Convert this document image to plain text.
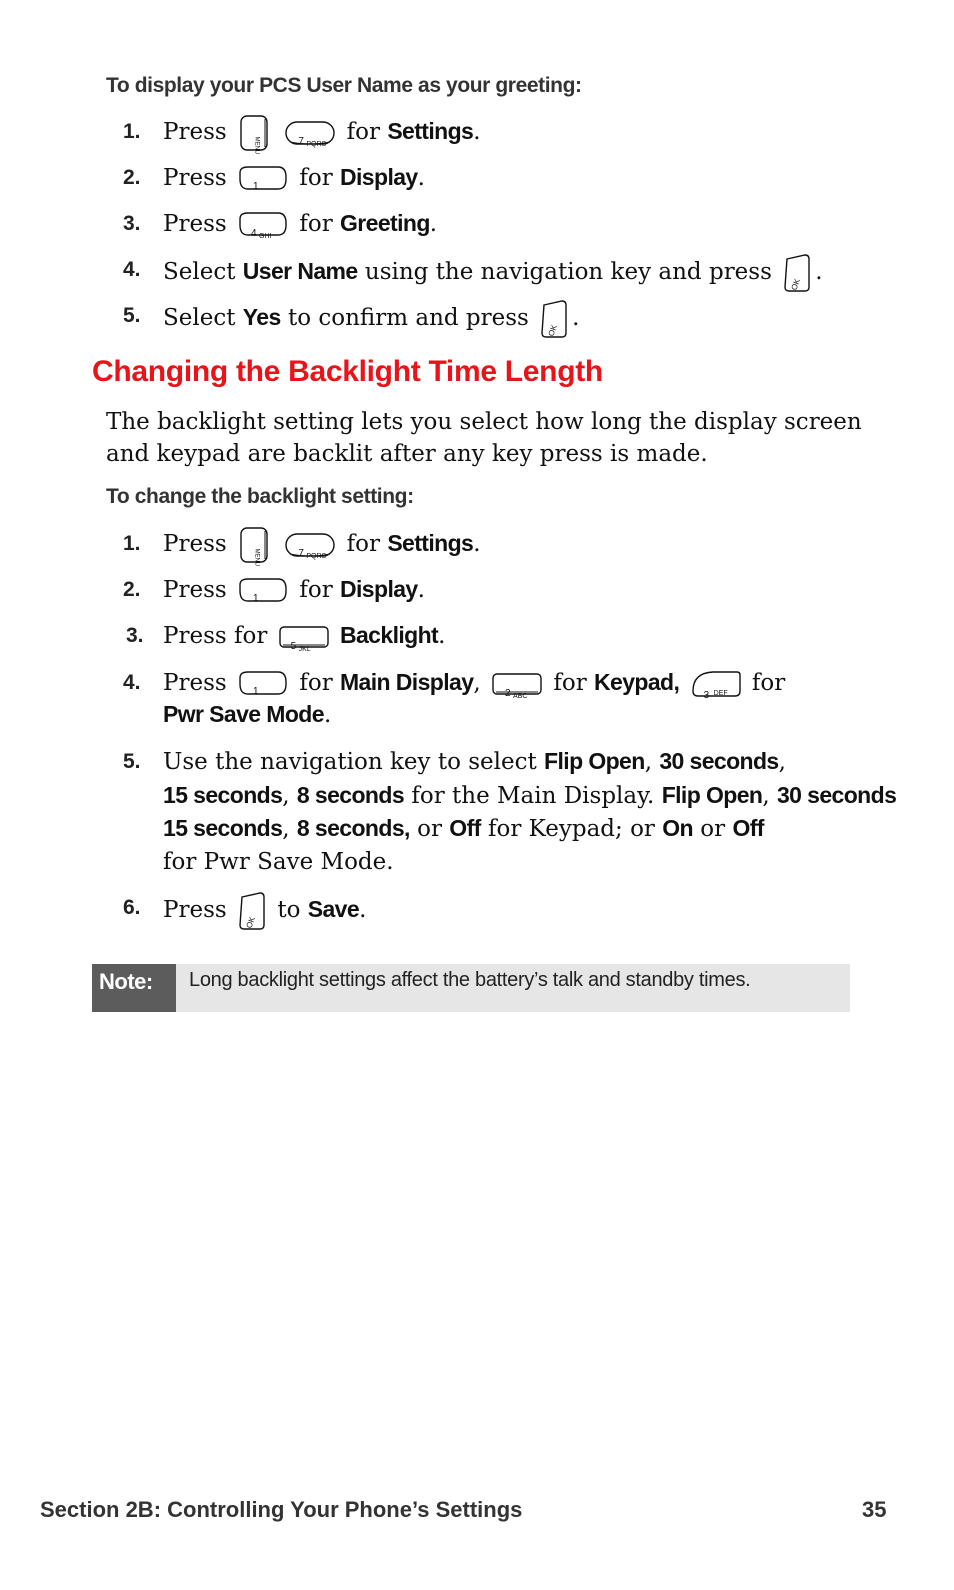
To display your PCS User Name as your greeting:
1. Press
MENU
	7 PQRS for Settings.
2. Press	1 for Display.
3. Press 4 GHI for Greeting.
4. Select User Name using the navigation key and press	OK .
5. Select Yes to confirm and press	OK .
Changing the Backlight Time Length
The backlight setting lets you select how long the display screen and keypad are backlit after any key press is made.
To change the backlight setting:
1. Press
MENU
	7 PQRS for Settings.
2. Press	1 for Display.
3. Press for 5 JKL
Backlight.
4. Press	1 for Main Display, 2 ABC
for Keypad,
3 DEF for
Pwr Save Mode.
5. Use the navigation key to select Flip Open, 30 seconds,
15 seconds, 8 seconds for the Main Display. Flip Open, 30 seconds
15 seconds, 8 seconds, or Off for Keypad; or On or Off
for Pwr Save Mode.
6. Press	OK to Save.
Note:	Long backlight settings affect the battery’s talk and standby times.
Section 2B: Controlling Your Phone’s Settings	35
